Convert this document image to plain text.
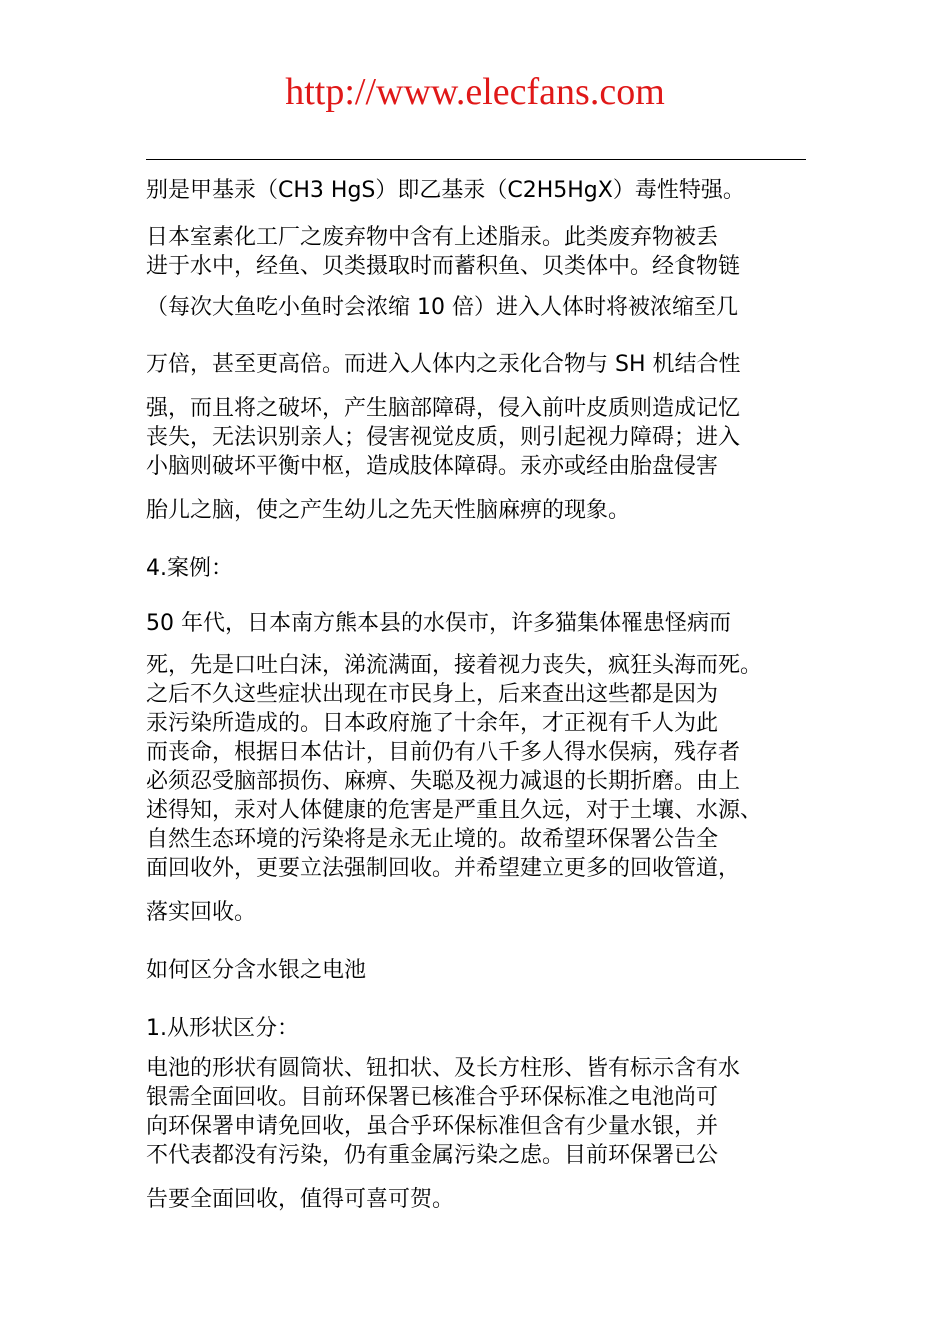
http://www.elecfans.com
别是甲基汞（CH3 HgS）即乙基汞（C2H5HgX）毒性特强。
日本室素化工厂之废弃物中含有上述脂汞。此类废弃物被丢
进于水中，经鱼、贝类摄取时而蓄积鱼、贝类体中。经食物链
（每次大鱼吃小鱼时会浓缩 10 倍）进入人体时将被浓缩至几
万倍，甚至更高倍。而进入人体内之汞化合物与 SH 机结合性
强，而且将之破坏，产生脑部障碍，侵入前叶皮质则造成记忆
丧失，无法识别亲人；侵害视觉皮质，则引起视力障碍；进入
小脑则破坏平衡中枢，造成肢体障碍。汞亦或经由胎盘侵害
胎儿之脑，使之产生幼儿之先天性脑麻痹的现象。
4.案例：
50 年代，日本南方熊本县的水俣市，许多猫集体罹患怪病而
死，先是口吐白沫，涕流满面，接着视力丧失，疯狂头海而死。
之后不久这些症状出现在市民身上，后来查出这些都是因为
汞污染所造成的。日本政府施了十余年，才正视有千人为此
而丧命，根据日本估计，目前仍有八千多人得水俣病，残存者
必须忍受脑部损伤、麻痹、失聪及视力减退的长期折磨。由上
述得知，汞对人体健康的危害是严重且久远，对于土壤、水源、
自然生态环境的污染将是永无止境的。故希望环保署公告全
面回收外，更要立法强制回收。并希望建立更多的回收管道，
落实回收。
如何区分含水银之电池
1.从形状区分：
电池的形状有圆筒状、钮扣状、及长方柱形、皆有标示含有水
银需全面回收。目前环保署已核准合乎环保标准之电池尚可
向环保署申请免回收，虽合乎环保标准但含有少量水银，并
不代表都没有污染，仍有重金属污染之虑。目前环保署已公
告要全面回收，值得可喜可贺。
